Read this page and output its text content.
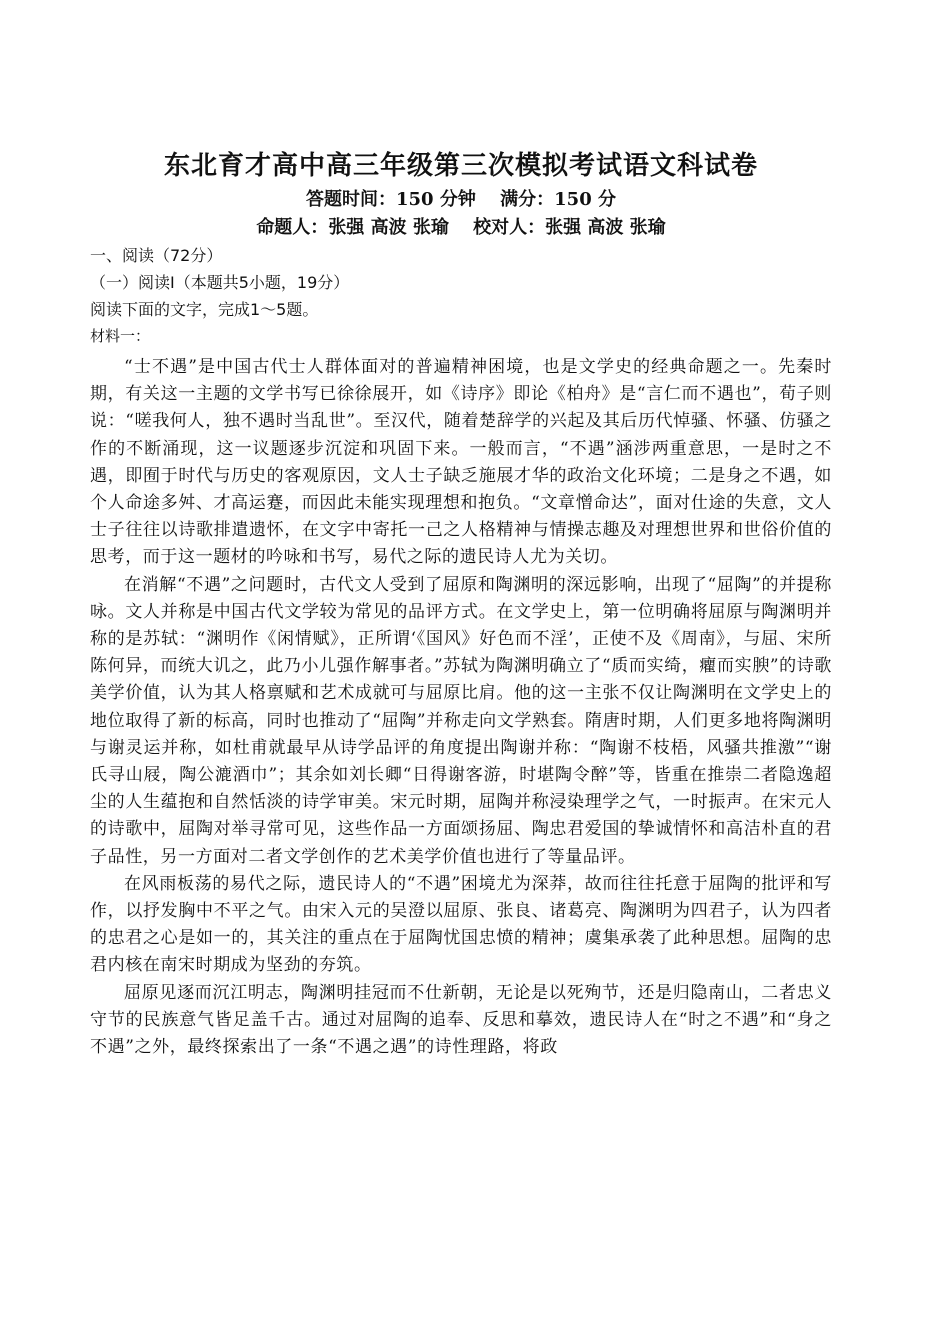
东北育才高中高三年级第三次模拟考试语文科试卷
答题时间：150 分钟 满分：150 分
命题人：张强 高波 张瑜 校对人：张强 高波 张瑜

一、阅读（72分）

（一）阅读Ⅰ（本题共5小题，19分）

阅读下面的文字，完成1～5题。

材料一：

“士不遇”是中国古代士人群体面对的普遍精神困境，也是文学史的经典命题之一。先秦时期，有关这一主题的文学书写已徐徐展开，如《诗序》即论《柏舟》是“言仁而不遇也”，荀子则说：“嗟我何人，独不遇时当乱世”。至汉代，随着楚辞学的兴起及其后历代悼骚、怀骚、仿骚之作的不断涌现，这一议题逐步沉淀和巩固下来。一般而言，“不遇”涵涉两重意思，一是时之不遇，即囿于时代与历史的客观原因，文人士子缺乏施展才华的政治文化环境；二是身之不遇，如个人命途多舛、才高运蹇，而因此未能实现理想和抱负。“文章憎命达”，面对仕途的失意，文人士子往往以诗歌排遣遗怀，在文字中寄托一己之人格精神与情操志趣及对理想世界和世俗价值的思考，而于这一题材的吟咏和书写，易代之际的遗民诗人尤为关切。

在消解“不遇”之问题时，古代文人受到了屈原和陶渊明的深远影响，出现了“屈陶”的并提称咏。文人并称是中国古代文学较为常见的品评方式。在文学史上，第一位明确将屈原与陶渊明并称的是苏轼：“渊明作《闲情赋》，正所谓‘《国风》好色而不淫’，正使不及《周南》，与屈、宋所陈何异，而统大讥之，此乃小儿强作解事者。”苏轼为陶渊明确立了“质而实绮，癯而实腴”的诗歌美学价值，认为其人格禀赋和艺术成就可与屈原比肩。他的这一主张不仅让陶渊明在文学史上的地位取得了新的标高，同时也推动了“屈陶”并称走向文学熟套。隋唐时期，人们更多地将陶渊明与谢灵运并称，如杜甫就最早从诗学品评的角度提出陶谢并称：“陶谢不枝梧，风骚共推激”“谢氏寻山屐，陶公漉酒巾”；其余如刘长卿“日得谢客游，时堪陶令醉”等，皆重在推崇二者隐逸超尘的人生蕴抱和自然恬淡的诗学审美。宋元时期，屈陶并称浸染理学之气，一时振声。在宋元人的诗歌中，屈陶对举寻常可见，这些作品一方面颂扬屈、陶忠君爱国的挚诚情怀和高洁朴直的君子品性，另一方面对二者文学创作的艺术美学价值也进行了等量品评。

在风雨板荡的易代之际，遗民诗人的“不遇”困境尤为深莽，故而往往托意于屈陶的批评和写作，以抒发胸中不平之气。由宋入元的吴澄以屈原、张良、诸葛亮、陶渊明为四君子，认为四者的忠君之心是如一的，其关注的重点在于屈陶忧国忠愤的精神；虞集承袭了此种思想。屈陶的忠君内核在南宋时期成为坚劲的夯筑。

屈原见逐而沉江明志，陶渊明挂冠而不仕新朝，无论是以死殉节，还是归隐南山，二者忠义守节的民族意气皆足盖千古。通过对屈陶的追奉、反思和摹效，遗民诗人在“时之不遇”和“身之不遇”之外，最终探索出了一条“不遇之遇”的诗性理路，将政
